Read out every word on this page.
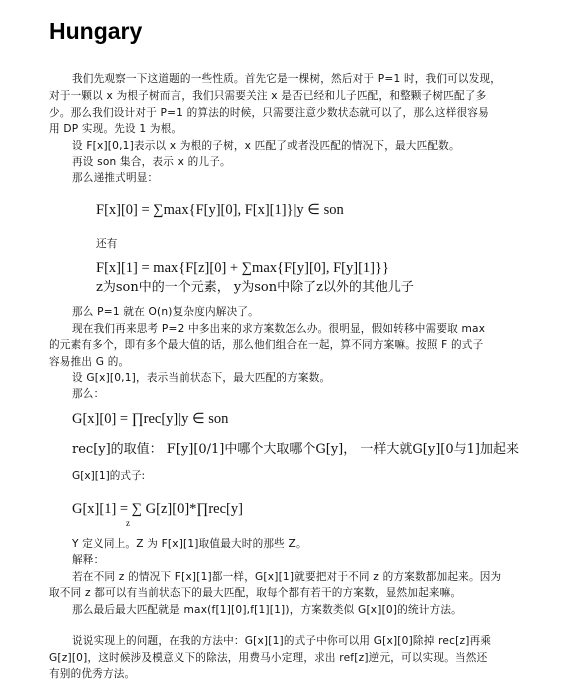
Hungary
我们先观察一下这道题的一些性质。首先它是一棵树，然后对于 P=1 时，我们可以发现，
对于一颗以 x 为根子树而言，我们只需要关注 x 是否已经和儿子匹配，和整颗子树匹配了多
少。那么我们设计对于 P=1 的算法的时候，只需要注意少数状态就可以了，那么这样很容易
用 DP 实现。先设 1 为根。
设 F[x][0,1]表示以 x 为根的子树，x 匹配了或者没匹配的情况下，最大匹配数。
再设 son 集合，表示 x 的儿子。
那么递推式明显：
F[x][0] = ∑max{F[y][0], F[x][1]}|y ∈ son
还有
F[x][1] = max{F[z][0] + ∑max{F[y][0], F[y][1]}}
z为son中的一个元素， y为son中除了z以外的其他儿子
那么 P=1 就在 O(n)复杂度内解决了。
现在我们再来思考 P=2 中多出来的求方案数怎么办。很明显，假如转移中需要取 max
的元素有多个，即有多个最大值的话，那么他们组合在一起，算不同方案嘛。按照 F 的式子
容易推出 G 的。
设 G[x][0,1]，表示当前状态下，最大匹配的方案数。
那么：
G[x][0] = ∏rec[y]|y ∈ son
rec[y]的取值： F[y][0/1]中哪个大取哪个G[y]， 一样大就G[y][0与1]加起来
G[x][1]的式子:
G[x][1] = ∑ G[z][0]*∏rec[y]
z
Y 定义同上。Z 为 F[x][1]取值最大时的那些 Z。
解释：
若在不同 z 的情况下 F[x][1]都一样，G[x][1]就要把对于不同 z 的方案数都加起来。因为
取不同 z 都可以有当前状态下的最大匹配，取每个都有若干的方案数，显然加起来嘛。
那么最后最大匹配就是 max(f[1][0],f[1][1])，方案数类似 G[x][0]的统计方法。
说说实现上的问题，在我的方法中：G[x][1]的式子中你可以用 G[x][0]除掉 rec[z]再乘
G[z][0]，这时候涉及模意义下的除法，用费马小定理，求出 ref[z]逆元，可以实现。当然还
有别的优秀方法。
